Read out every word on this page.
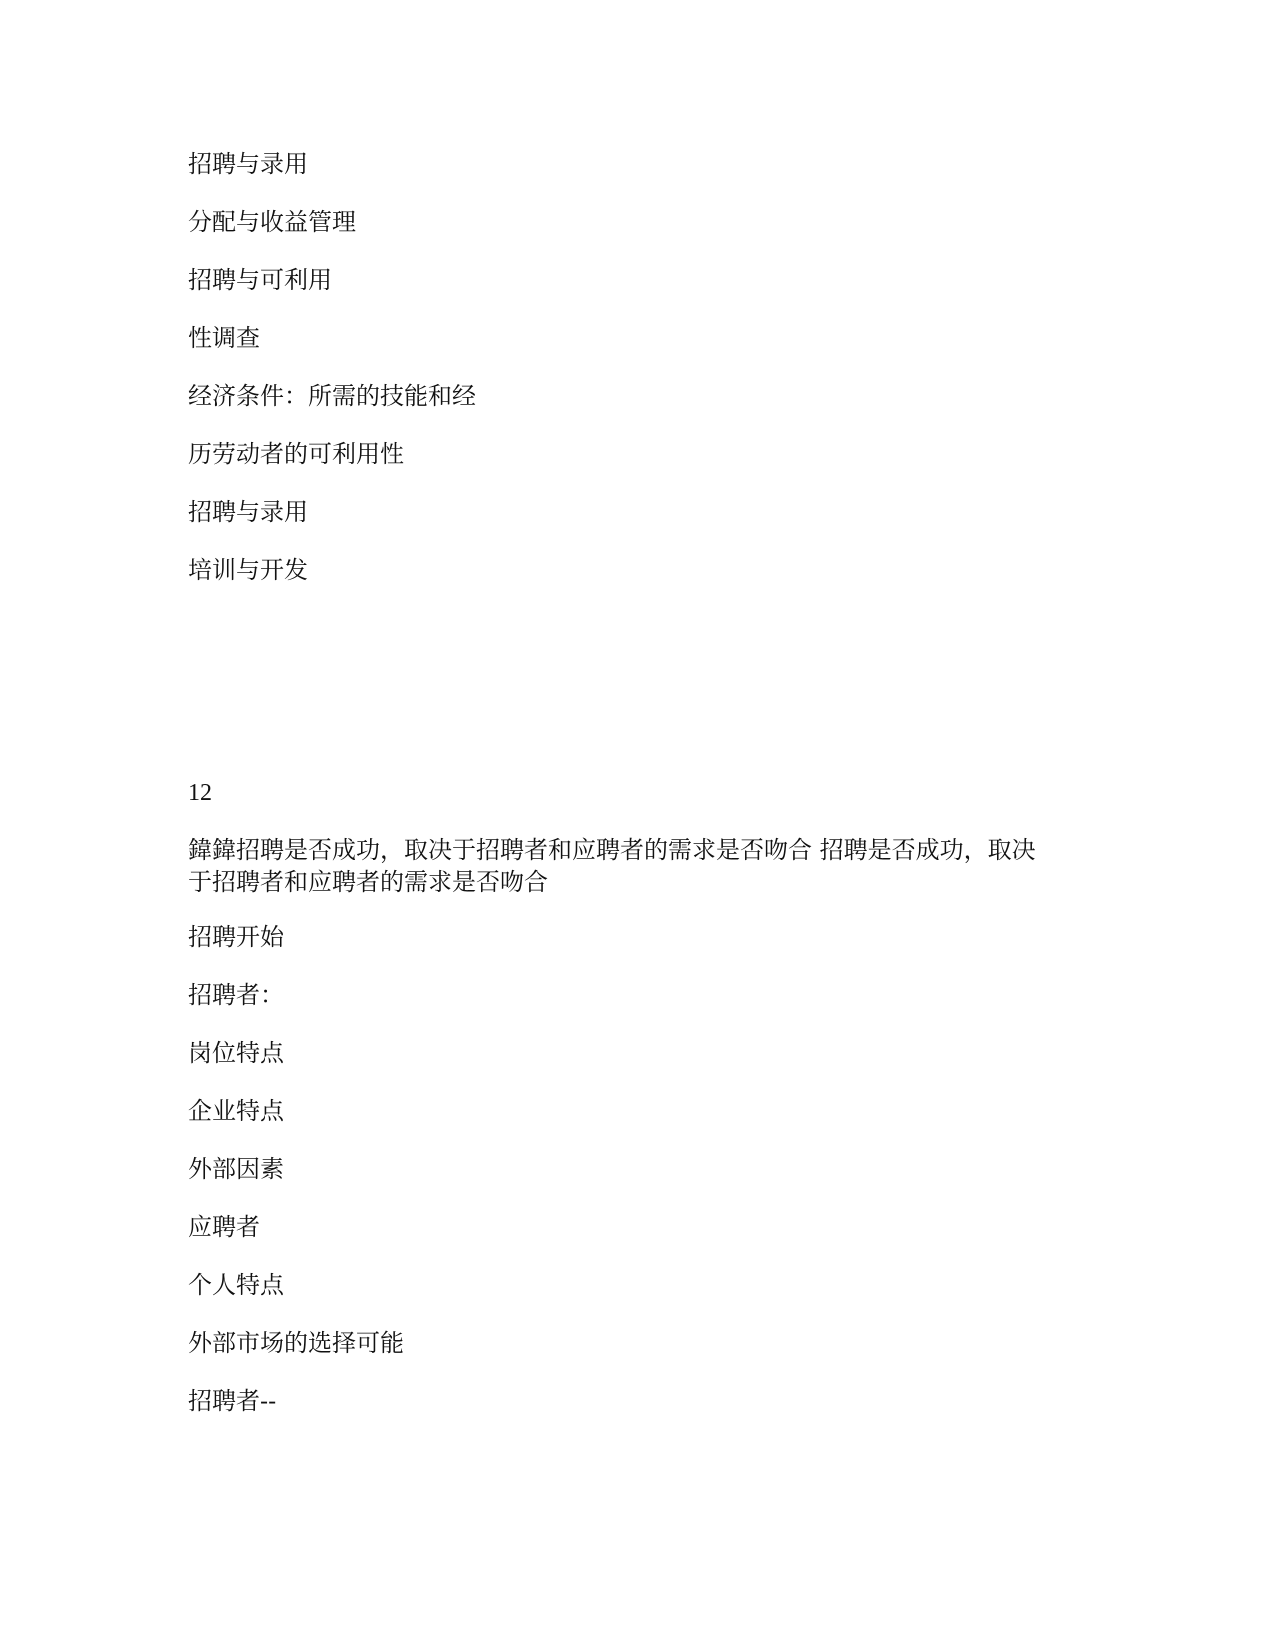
招聘与录用
分配与收益管理
招聘与可利用
性调查
经济条件：所需的技能和经
历劳动者的可利用性
招聘与录用
培训与开发
12
鍏鍏招聘是否成功，取决于招聘者和应聘者的需求是否吻合 招聘是否成功，取决
于招聘者和应聘者的需求是否吻合
招聘开始
招聘者：
岗位特点
企业特点
外部因素
应聘者
个人特点
外部市场的选择可能
招聘者--
